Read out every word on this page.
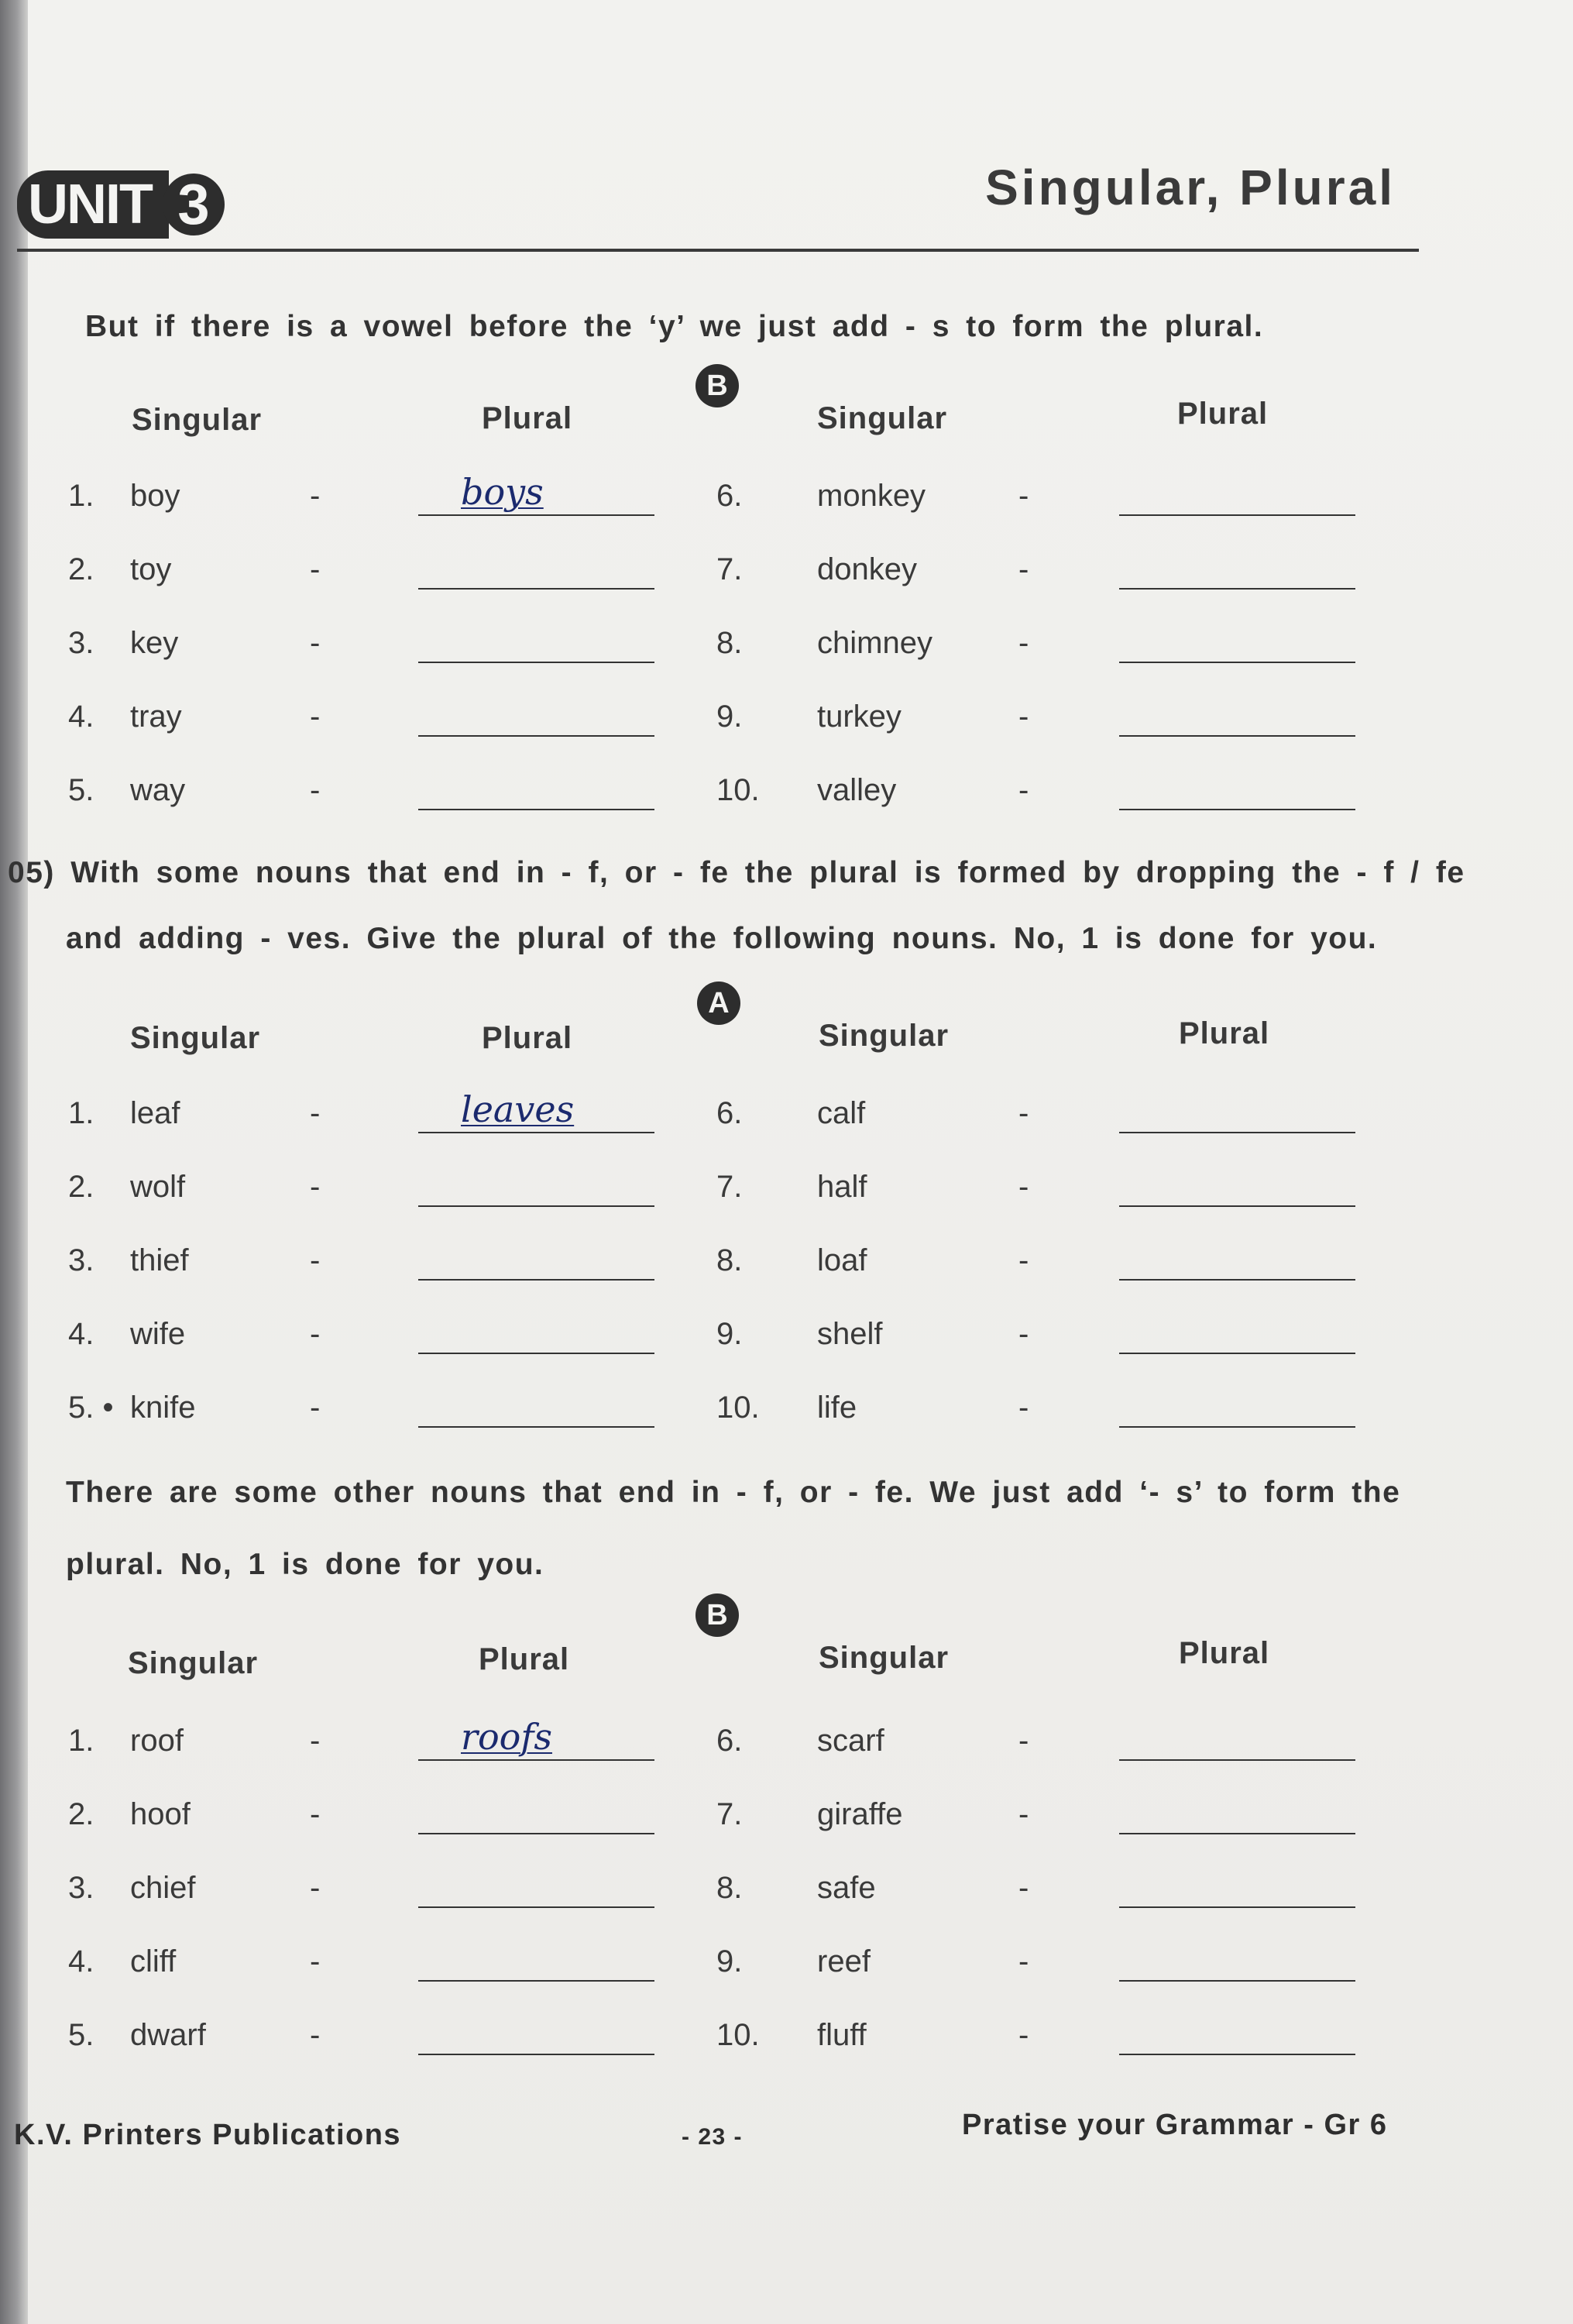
UNIT 3	Singular, Plural
But if there is a vowel before the ‘y’ we just add - s to form the plural.
B
Singular	Plural	Singular	Plural
05) With some nouns that end in - f, or - fe the plural is formed by dropping the - f / fe
and adding - ves. Give the plural of the following nouns. No, 1 is done for you.
A
Singular	Plural	Singular	Plural
There are some other nouns that end in - f, or - fe. We just add ‘- s’ to form the
plural. No, 1 is done for you.
B
Singular	Plural	Singular	Plural
K.V. Printers Publications	- 23 -	Pratise your Grammar - Gr 6
1.	boy	-	boys
2.	toy	-
3.	key	-
4.	tray	-
5.	way	-
6.	monkey	-
7.	donkey	-
8.	chimney	-
9.	turkey	-
10.	valley	-
1.	leaf	-	leaves
2.	wolf	-
3.	thief	-
4.	wife	-
5. • knife	-
6.	calf	-
7.	half	-
8.	loaf	-
9.	shelf	-
10.	life	-
1.	roof	-	roofs
2.	hoof	-
3.	chief	-
4.	cliff	-
5.	dwarf	-
6.	scarf	-
7.	giraffe	-
8.	safe	-
9.	reef	-
10.	fluff	-
